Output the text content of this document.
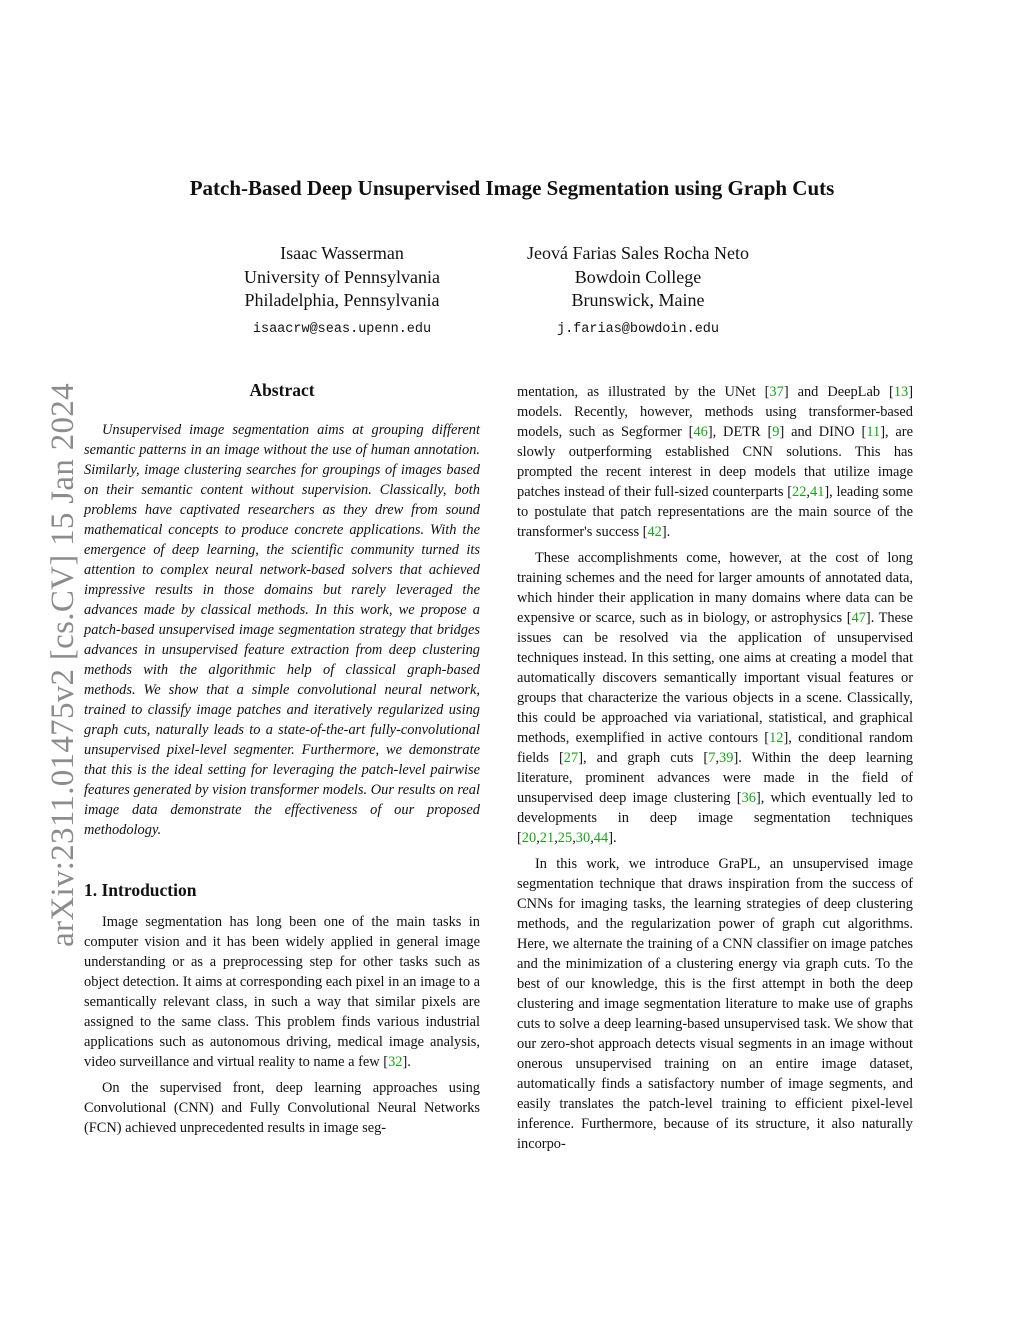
Patch-Based Deep Unsupervised Image Segmentation using Graph Cuts
Isaac Wasserman
University of Pennsylvania
Philadelphia, Pennsylvania
isaacrw@seas.upenn.edu
Jeová Farias Sales Rocha Neto
Bowdoin College
Brunswick, Maine
j.farias@bowdoin.edu
arXiv:2311.01475v2 [cs.CV] 15 Jan 2024	Abstract

Unsupervised image segmentation aims at grouping different semantic patterns in an image without the use of human annotation. Similarly, image clustering searches for groupings of images based on their semantic content without supervision. Classically, both problems have captivated researchers as they drew from sound mathematical concepts to produce concrete applications. With the emergence of deep learning, the scientific community turned its attention to complex neural network-based solvers that achieved impressive results in those domains but rarely leveraged the advances made by classical methods. In this work, we propose a patch-based unsupervised image segmentation strategy that bridges advances in unsupervised feature extraction from deep clustering methods with the algorithmic help of classical graph-based methods. We show that a simple convolutional neural network, trained to classify image patches and iteratively regularized using graph cuts, naturally leads to a state-of-the-art fully-convolutional unsupervised pixel-level segmenter. Furthermore, we demonstrate that this is the ideal setting for leveraging the patch-level pairwise features generated by vision transformer models. Our results on real image data demonstrate the effectiveness of our proposed methodology.

1. Introduction

Image segmentation has long been one of the main tasks in computer vision and it has been widely applied in general image understanding or as a preprocessing step for other tasks such as object detection. It aims at corresponding each pixel in an image to a semantically relevant class, in such a way that similar pixels are assigned to the same class. This problem finds various industrial applications such as autonomous driving, medical image analysis, video surveillance and virtual reality to name a few [32].

On the supervised front, deep learning approaches using Convolutional (CNN) and Fully Convolutional Neural Networks (FCN) achieved unprecedented results in image seg-

mentation, as illustrated by the UNet [37] and DeepLab [13] models. Recently, however, methods using transformer-based models, such as Segformer [46], DETR [9] and DINO [11], are slowly outperforming established CNN solutions. This has prompted the recent interest in deep models that utilize image patches instead of their full-sized counterparts [22,41], leading some to postulate that patch representations are the main source of the transformer's success [42].

These accomplishments come, however, at the cost of long training schemes and the need for larger amounts of annotated data, which hinder their application in many domains where data can be expensive or scarce, such as in biology, or astrophysics [47]. These issues can be resolved via the application of unsupervised techniques instead. In this setting, one aims at creating a model that automatically discovers semantically important visual features or groups that characterize the various objects in a scene. Classically, this could be approached via variational, statistical, and graphical methods, exemplified in active contours [12], conditional random fields [27], and graph cuts [7,39]. Within the deep learning literature, prominent advances were made in the field of unsupervised deep image clustering [36], which eventually led to developments in deep image segmentation techniques [20,21,25,30,44].

In this work, we introduce GraPL, an unsupervised image segmentation technique that draws inspiration from the success of CNNs for imaging tasks, the learning strategies of deep clustering methods, and the regularization power of graph cut algorithms. Here, we alternate the training of a CNN classifier on image patches and the minimization of a clustering energy via graph cuts. To the best of our knowledge, this is the first attempt in both the deep clustering and image segmentation literature to make use of graphs cuts to solve a deep learning-based unsupervised task. We show that our zero-shot approach detects visual segments in an image without onerous unsupervised training on an entire image dataset, automatically finds a satisfactory number of image segments, and easily translates the patch-level training to efficient pixel-level inference. Furthermore, because of its structure, it also naturally incorpo-
